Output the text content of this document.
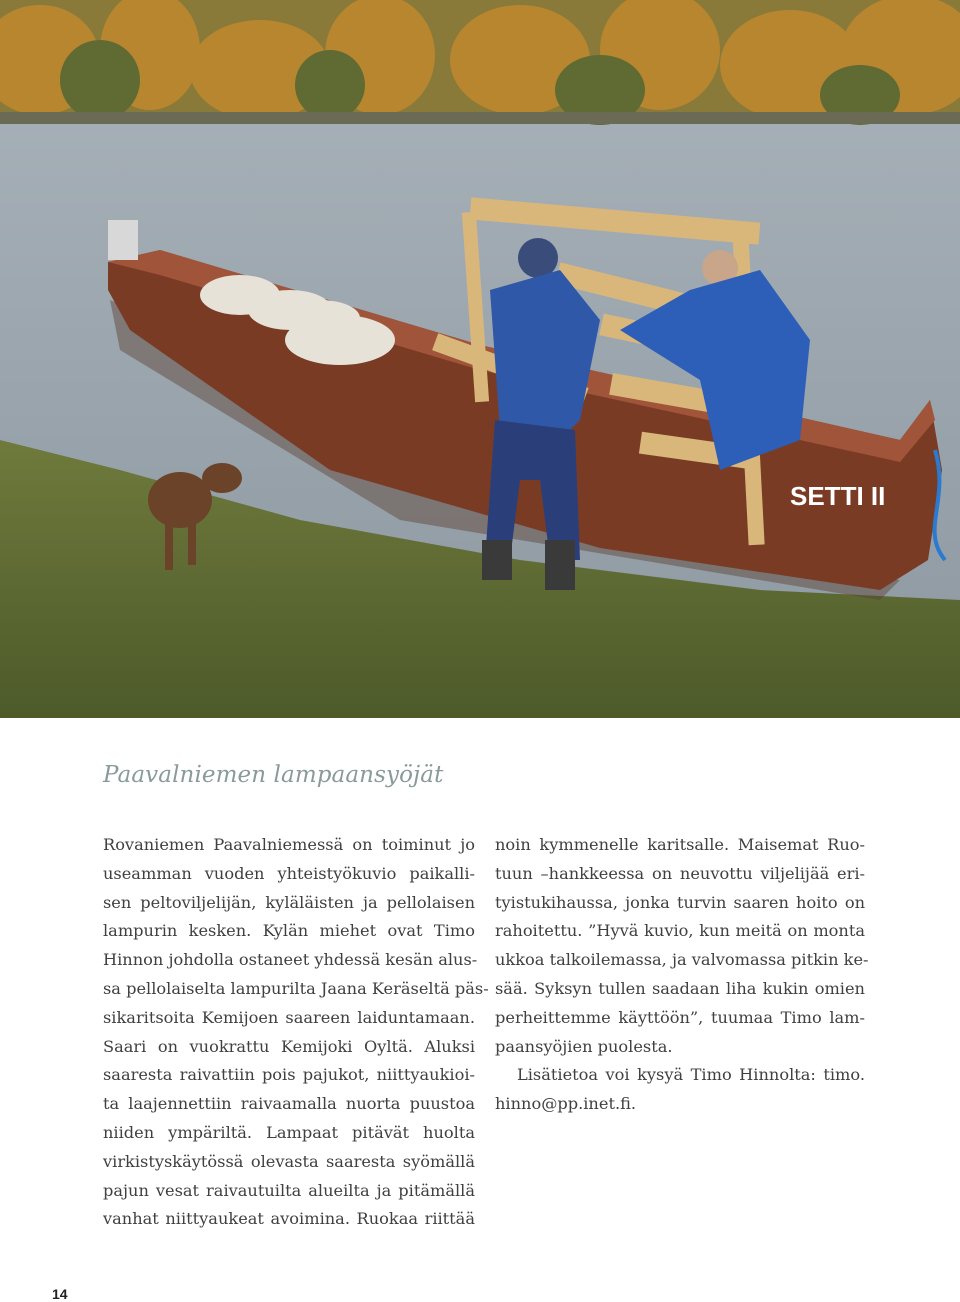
SETTI II
Paavalniemen lampaansyöjät
Rovaniemen Paavalniemessä on toiminut jo
useamman vuoden yhteistyökuvio paikalli-
sen peltoviljelijän, kyläläisten ja pellolaisen
lampurin kesken. Kylän miehet ovat Timo
Hinnon johdolla ostaneet yhdessä kesän alus-
sa pellolaiselta lampurilta Jaana Keräseltä päs-
sikaritsoita Kemijoen saareen laiduntamaan.
Saari on vuokrattu Kemijoki Oyltä. Aluksi
saaresta raivattiin pois pajukot, niittyaukioi-
ta laajennettiin raivaamalla nuorta puustoa
niiden ympäriltä. Lampaat pitävät huolta
virkistyskäytössä olevasta saaresta syömällä
pajun vesat raivautuilta alueilta ja pitämällä
vanhat niittyaukeat avoimina. Ruokaa riittää
noin kymmenelle karitsalle. Maisemat Ruo-
tuun –hankkeessa on neuvottu viljelijää eri-
tyistukihaussa, jonka turvin saaren hoito on
rahoitettu. ”Hyvä kuvio, kun meitä on monta
ukkoa talkoilemassa, ja valvomassa pitkin ke-
sää. Syksyn tullen saadaan liha kukin omien
perheittemme käyttöön”, tuumaa Timo lam-
paansyöjien puolesta.
Lisätietoa voi kysyä Timo Hinnolta: timo.
hinno@pp.inet.fi.
14
